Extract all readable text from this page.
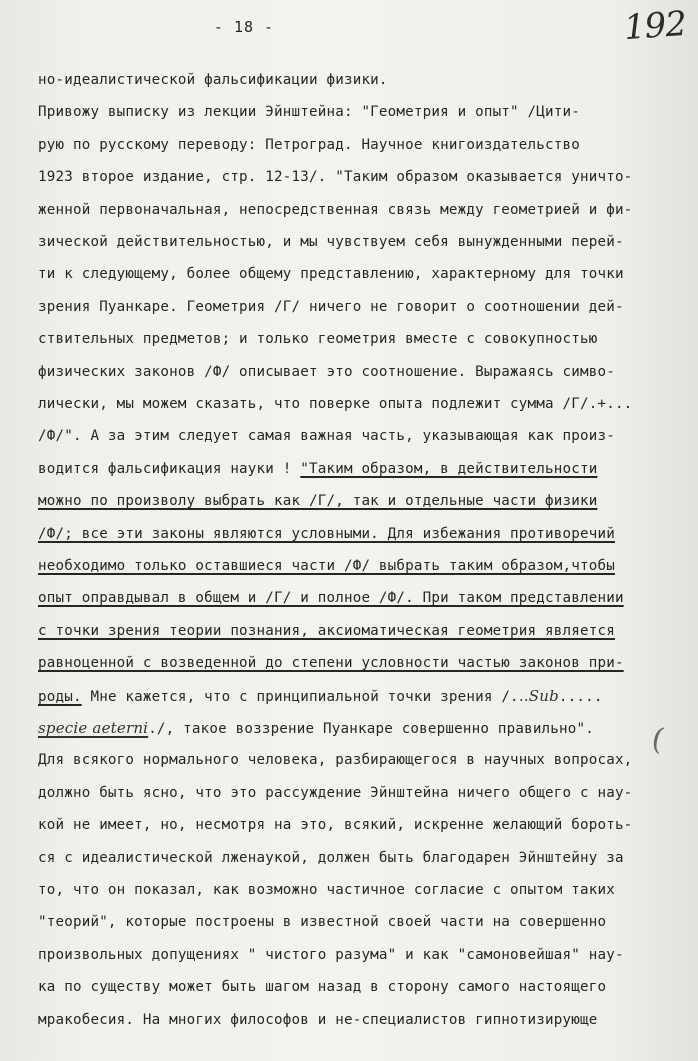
- 18 -	192
но-идеалистической фальсификации физики.
Привожу выписку из лекции Эйнштейна: "Геометрия и опыт" /Цити-
рую по русскому переводу: Петроград. Научное книгоиздательство
1923 второе издание, стр. 12-13/. "Таким образом оказывается уничто-
женной первоначальная, непосредственная связь между геометрией и фи-
зической действительностью, и мы чувствуем себя вынужденными перей-
ти к следующему, более общему представлению, характерному для точки
зрения Пуанкаре. Геометрия /Г/ ничего не говорит о соотношении дей-
ствительных предметов; и только геометрия вместе с совокупностью
физических законов /Ф/ описывает это соотношение. Выражаясь симво-
лически, мы можем сказать, что поверке опыта подлежит сумма /Г/.+...
/Ф/". А за этим следует самая важная часть, указывающая как произ-
водится фальсификация науки ! "Таким образом, в действительности
можно по произволу выбрать как /Г/, так и отдельные части физики
/Ф/; все эти законы являются условными. Для избежания противоречий
необходимо только оставшиеся части /Ф/ выбрать таким образом,чтобы
опыт оправдывал в общем и /Г/ и полное /Ф/. При таком представлении
с точки зрения теории познания, аксиоматическая геометрия является
равноценной с возведенной до степени условности частью законов при-
роды. Мне кажется, что с принципиальной точки зрения /...Sub.....
specie aeterni./, такое воззрение Пуанкаре совершенно правильно".
Для всякого нормального человека, разбирающегося в научных вопросах,
должно быть ясно, что это рассуждение Эйнштейна ничего общего с нау-
кой не имеет, но, несмотря на это, всякий, искренне желающий бороть-
ся с идеалистической лженаукой, должен быть благодарен Эйнштейну за
то, что он показал, как возможно частичное согласие с опытом таких
"теорий", которые построены в известной своей части на совершенно
произвольных допущениях " чистого разума" и как "самоновейшая" нау-
ка по существу может быть шагом назад в сторону самого настоящего
мракобесия. На многих философов и не-специалистов гипнотизирующе
(
